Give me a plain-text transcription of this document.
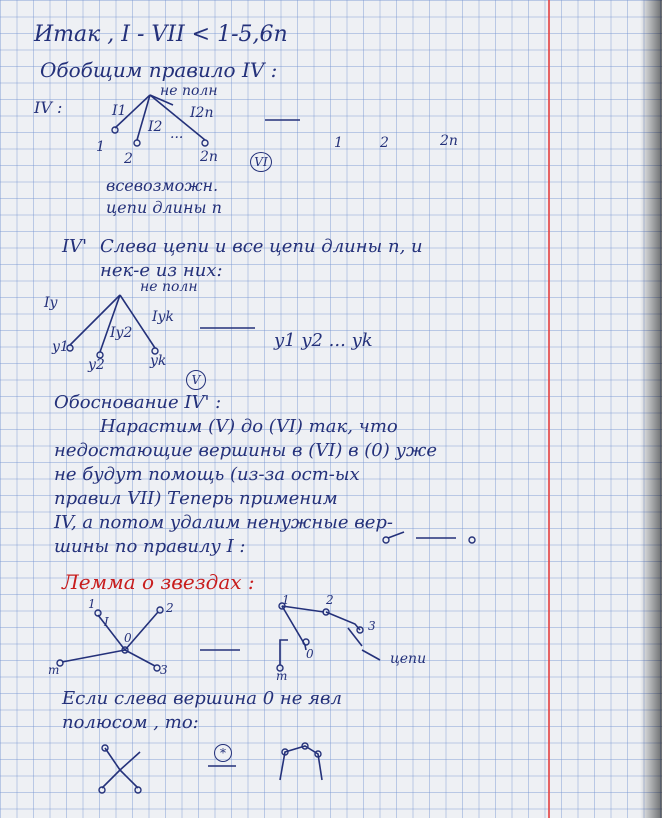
Итак , I - VII < 1-5,6n
Обобщим правило IV :
IV :
не полн
I1
I2
I2n
...
1
2	2n
1	2	2n
VI
всевозможн.
цепи длины n
IV' Слева цепи и все цепи длины n, и
нек-е из них:
не полн
Iy
Iy2
Iyk
y1
y2	yk
y1 y2 ... yk
V
Обоснование IV' :
Нарастим (V) до (VI) так, что
недостающие вершины в (VI) в (0) уже
не будут помощь (из-за ост-ых
правил VII) Теперь применим
IV, а потом удалим ненужные вер-
шины по правилу I :
Лемма о звездах :
1	2
3
m
0
I
1	2
3
m
0	цепи
Если слева вершина 0 не явл
полюсом , то:
*
